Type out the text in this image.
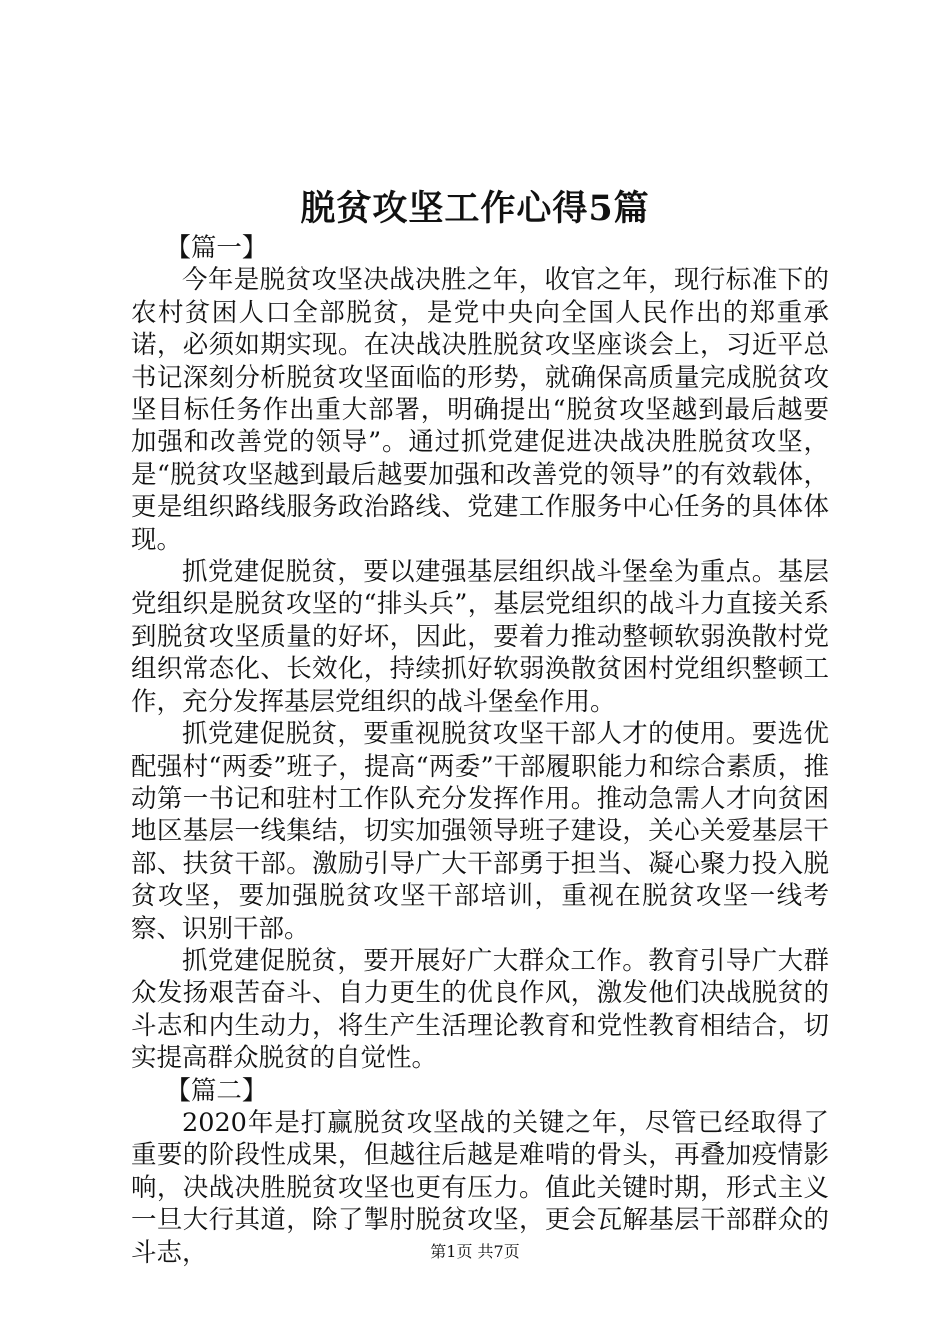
脱贫攻坚工作心得5篇

【篇一】

今年是脱贫攻坚决战决胜之年，收官之年，现行标准下的农村贫困人口全部脱贫，是党中央向全国人民作出的郑重承诺，必须如期实现。在决战决胜脱贫攻坚座谈会上，习近平总书记深刻分析脱贫攻坚面临的形势，就确保高质量完成脱贫攻坚目标任务作出重大部署，明确提出“脱贫攻坚越到最后越要加强和改善党的领导”。通过抓党建促进决战决胜脱贫攻坚，是“脱贫攻坚越到最后越要加强和改善党的领导”的有效载体，更是组织路线服务政治路线、党建工作服务中心任务的具体体现。

抓党建促脱贫，要以建强基层组织战斗堡垒为重点。基层党组织是脱贫攻坚的“排头兵”，基层党组织的战斗力直接关系到脱贫攻坚质量的好坏，因此，要着力推动整顿软弱涣散村党组织常态化、长效化，持续抓好软弱涣散贫困村党组织整顿工作，充分发挥基层党组织的战斗堡垒作用。

抓党建促脱贫，要重视脱贫攻坚干部人才的使用。要选优配强村“两委”班子，提高“两委”干部履职能力和综合素质，推动第一书记和驻村工作队充分发挥作用。推动急需人才向贫困地区基层一线集结，切实加强领导班子建设，关心关爱基层干部、扶贫干部。激励引导广大干部勇于担当、凝心聚力投入脱贫攻坚，要加强脱贫攻坚干部培训，重视在脱贫攻坚一线考察、识别干部。

抓党建促脱贫，要开展好广大群众工作。教育引导广大群众发扬艰苦奋斗、自力更生的优良作风，激发他们决战脱贫的斗志和内生动力，将生产生活理论教育和党性教育相结合，切实提高群众脱贫的自觉性。

【篇二】

2020年是打赢脱贫攻坚战的关键之年，尽管已经取得了重要的阶段性成果，但越往后越是难啃的骨头，再叠加疫情影响，决战决胜脱贫攻坚也更有压力。值此关键时期，形式主义一旦大行其道，除了掣肘脱贫攻坚，更会瓦解基层干部群众的斗志，	第1页 共7页
